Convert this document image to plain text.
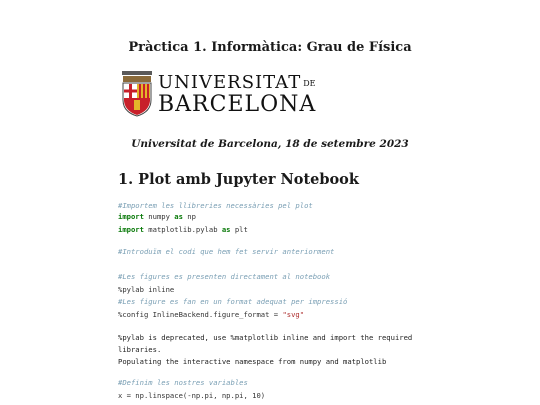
Pràctica 1. Informàtica: Grau de Física
UNIVERSITAT DE
BARCELONA
Universitat de Barcelona, 18 de setembre 2023
1. Plot amb Jupyter Notebook
#Importem les llibreries necessàries pel plot
import numpy as np
import matplotlib.pylab as plt
#Introduïm el codi que hem fet servir anteriorment
#Les figures es presenten directament al notebook
%pylab inline
#Les figure es fan en un format adequat per impressió
%config InlineBackend.figure_format = "svg"
%pylab is deprecated, use %matplotlib inline and import the required
libraries.
Populating the interactive namespace from numpy and matplotlib
#Definim les nostres variables
x = np.linspace(-np.pi, np.pi, 10)
